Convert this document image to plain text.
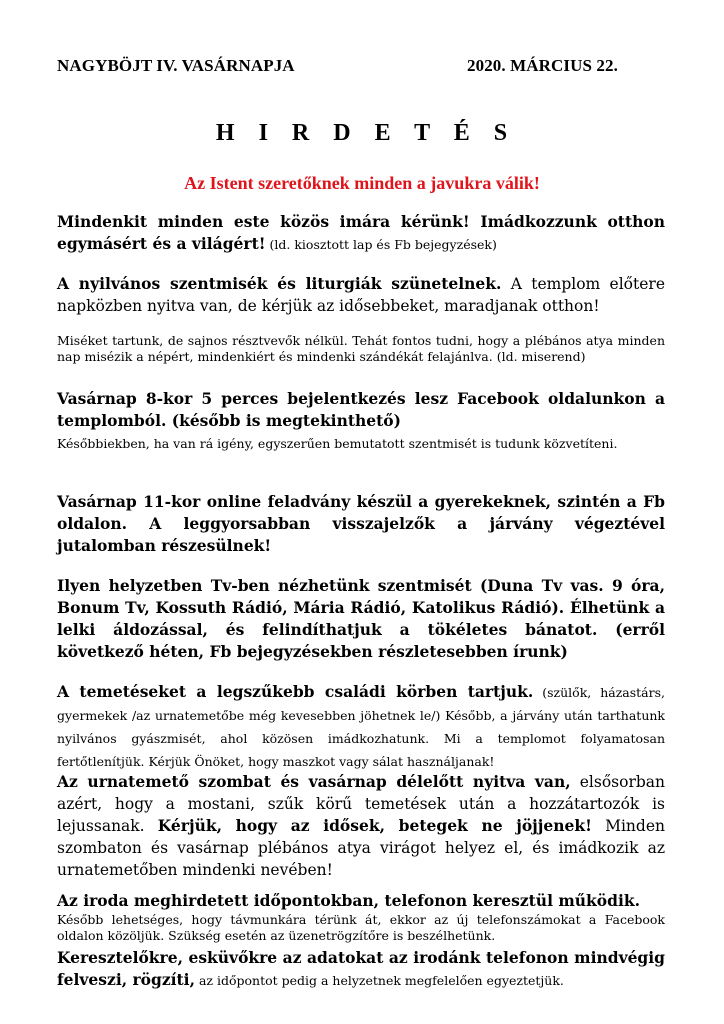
NAGYBÖJT IV. VASÁRNAPJA	2020. MÁRCIUS 22.
H I R D E T É S
Az Istent szeretőknek minden a javukra válik!

Mindenkit minden este közös imára kérünk! Imádkozzunk otthon egymásért és a világért! (ld. kiosztott lap és Fb bejegyzések)

A nyilvános szentmisék és liturgiák szünetelnek. A templom előtere napközben nyitva van, de kérjük az idősebbeket, maradjanak otthon!

Miséket tartunk, de sajnos résztvevők nélkül. Tehát fontos tudni, hogy a plébános atya minden nap misézik a népért, mindenkiért és mindenki szándékát felajánlva. (ld. miserend)

Vasárnap 8-kor 5 perces bejelentkezés lesz Facebook oldalunkon a templomból. (később is megtekinthető)

Későbbiekben, ha van rá igény, egyszerűen bemutatott szentmisét is tudunk közvetíteni.

Vasárnap 11-kor online feladvány készül a gyerekeknek, szintén a Fb oldalon. A leggyorsabban visszajelzők a járvány végeztével jutalomban részesülnek!

Ilyen helyzetben Tv-ben nézhetünk szentmisét (Duna Tv vas. 9 óra, Bonum Tv, Kossuth Rádió, Mária Rádió, Katolikus Rádió). Élhetünk a lelki áldozással, és felindíthatjuk a tökéletes bánatot. (erről következő héten, Fb bejegyzésekben részletesebben írunk)

A temetéseket a legszűkebb családi körben tartjuk. (szülők, házastárs, gyermekek /az urnatemetőbe még kevesebben jöhetnek le/) Később, a járvány után tarthatunk nyilvános gyászmisét, ahol közösen imádkozhatunk. Mi a templomot folyamatosan fertőtlenítjük. Kérjük Önöket, hogy maszkot vagy sálat használjanak!

Az urnatemető szombat és vasárnap délelőtt nyitva van, elsősorban azért, hogy a mostani, szűk körű temetések után a hozzátartozók is lejussanak. Kérjük, hogy az idősek, betegek ne jöjjenek! Minden szombaton és vasárnap plébános atya virágot helyez el, és imádkozik az urnatemetőben mindenki nevében!

Az iroda meghirdetett időpontokban, telefonon keresztül működik.
Később lehetséges, hogy távmunkára térünk át, ekkor az új telefonszámokat a Facebook oldalon közöljük. Szükség esetén az üzenetrögzítőre is beszélhetünk.

Keresztelőkre, esküvőkre az adatokat az irodánk telefonon mindvégig felveszi, rögzíti, az időpontot pedig a helyzetnek megfelelően egyeztetjük.
